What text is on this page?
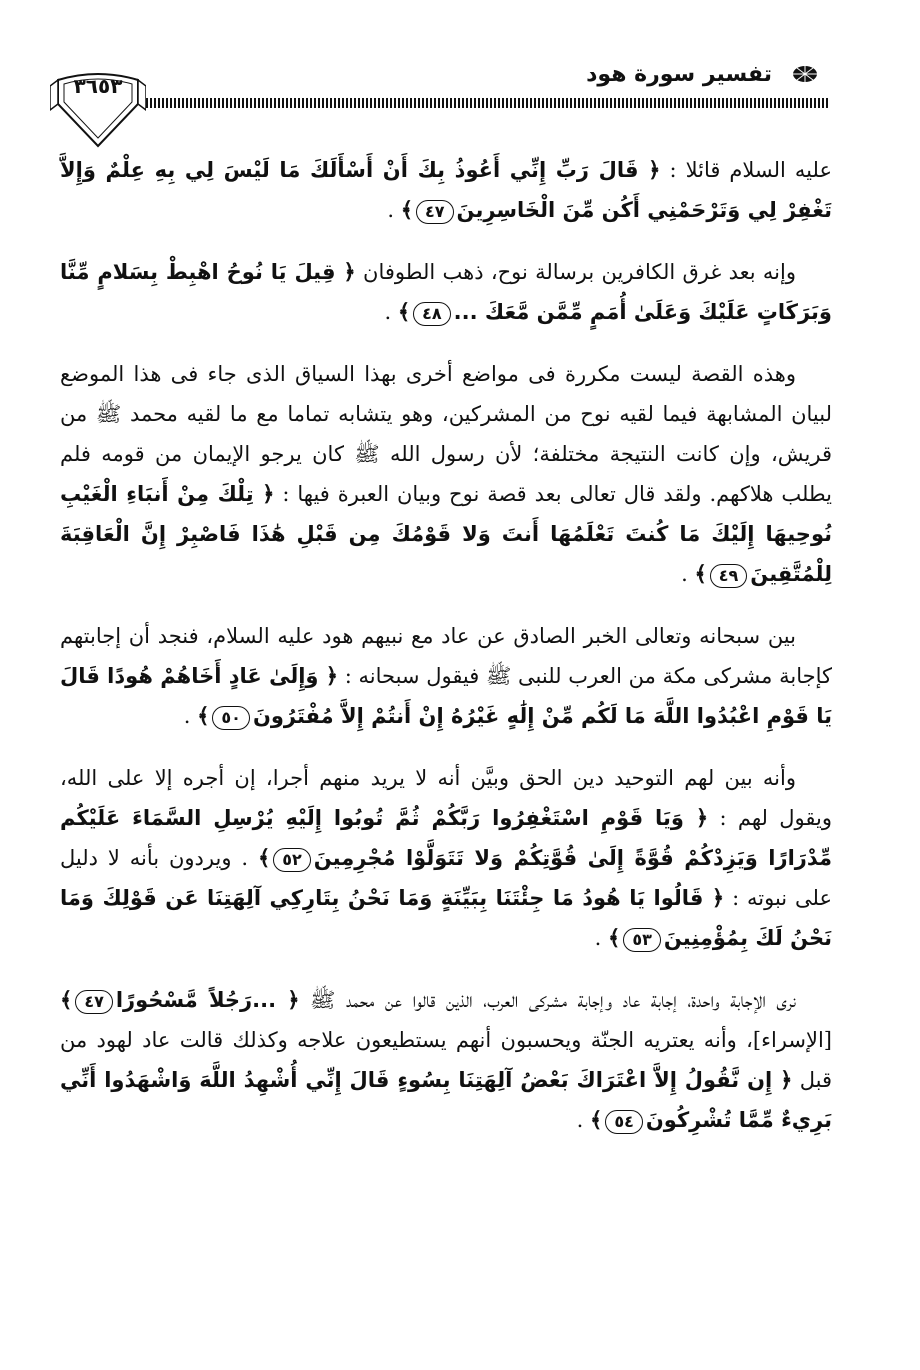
تفسير سورة هود
٣٦٥٣

عليه السلام قائلا : ﴿ قَالَ رَبِّ إِنِّي أَعُوذُ بِكَ أَنْ أَسْأَلَكَ مَا لَيْسَ لِي بِهِ عِلْمٌ وَإِلاَّ تَغْفِرْ لِي وَتَرْحَمْنِي أَكُن مِّنَ الْخَاسِرِينَ٤٧﴾ .

وإنه بعد غرق الكافرين برسالة نوح، ذهب الطوفان ﴿ قِيلَ يَا نُوحُ اهْبِطْ بِسَلامٍ مِّنَّا وَبَرَكَاتٍ عَلَيْكَ وَعَلَىٰ أُمَمٍ مِّمَّن مَّعَكَ ...٤٨﴾ .

وهذه القصة ليست مكررة فى مواضع أخرى بهذا السياق الذى جاء فى هذا الموضع لبيان المشابهة فيما لقيه نوح من المشركين، وهو يتشابه تماما مع ما لقيه محمد ﷺ من قريش، وإن كانت النتيجة مختلفة؛ لأن رسول الله ﷺ كان يرجو الإيمان من قومه فلم يطلب هلاكهم. ولقد قال تعالى بعد قصة نوح وبيان العبرة فيها : ﴿ تِلْكَ مِنْ أَنبَاءِ الْغَيْبِ نُوحِيهَا إِلَيْكَ مَا كُنتَ تَعْلَمُهَا أَنتَ وَلا قَوْمُكَ مِن قَبْلِ هَٰذَا فَاصْبِرْ إِنَّ الْعَاقِبَةَ لِلْمُتَّقِينَ٤٩﴾ .

بين سبحانه وتعالى الخبر الصادق عن عاد مع نبيهم هود عليه السلام، فنجد أن إجابتهم كإجابة مشركى مكة من العرب للنبى ﷺ فيقول سبحانه : ﴿ وَإِلَىٰ عَادٍ أَخَاهُمْ هُودًا قَالَ يَا قَوْمِ اعْبُدُوا اللَّهَ مَا لَكُم مِّنْ إِلَٰهٍ غَيْرُهُ إِنْ أَنتُمْ إِلاَّ مُفْتَرُونَ٥٠﴾ .

وأنه بين لهم التوحيد دين الحق وبيَّن أنه لا يريد منهم أجرا، إن أجره إلا على الله، ويقول لهم : ﴿ وَيَا قَوْمِ اسْتَغْفِرُوا رَبَّكُمْ ثُمَّ تُوبُوا إِلَيْهِ يُرْسِلِ السَّمَاءَ عَلَيْكُم مِّدْرَارًا وَيَزِدْكُمْ قُوَّةً إِلَىٰ قُوَّتِكُمْ وَلا تَتَوَلَّوْا مُجْرِمِينَ٥٢﴾ . ويردون بأنه لا دليل على نبوته : ﴿ قَالُوا يَا هُودُ مَا جِئْتَنَا بِبَيِّنَةٍ وَمَا نَحْنُ بِتَارِكِي آلِهَتِنَا عَن قَوْلِكَ وَمَا نَحْنُ لَكَ بِمُؤْمِنِينَ٥٣﴾ .

نرى الإجابة واحدة، إجابة عاد وإجابة مشركى العرب، الذين قالوا عن محمد ﷺ ﴿ ...رَجُلاً مَّسْحُورًا٤٧﴾ [الإسراء]، وأنه يعتريه الجنّة ويحسبون أنهم يستطيعون علاجه وكذلك قالت عاد لهود من قبل ﴿ إِن نَّقُولُ إِلاَّ اعْتَرَاكَ بَعْضُ آلِهَتِنَا بِسُوءٍ قَالَ إِنِّي أُشْهِدُ اللَّهَ وَاشْهَدُوا أَنِّي بَرِيءٌ مِّمَّا تُشْرِكُونَ٥٤﴾ .
